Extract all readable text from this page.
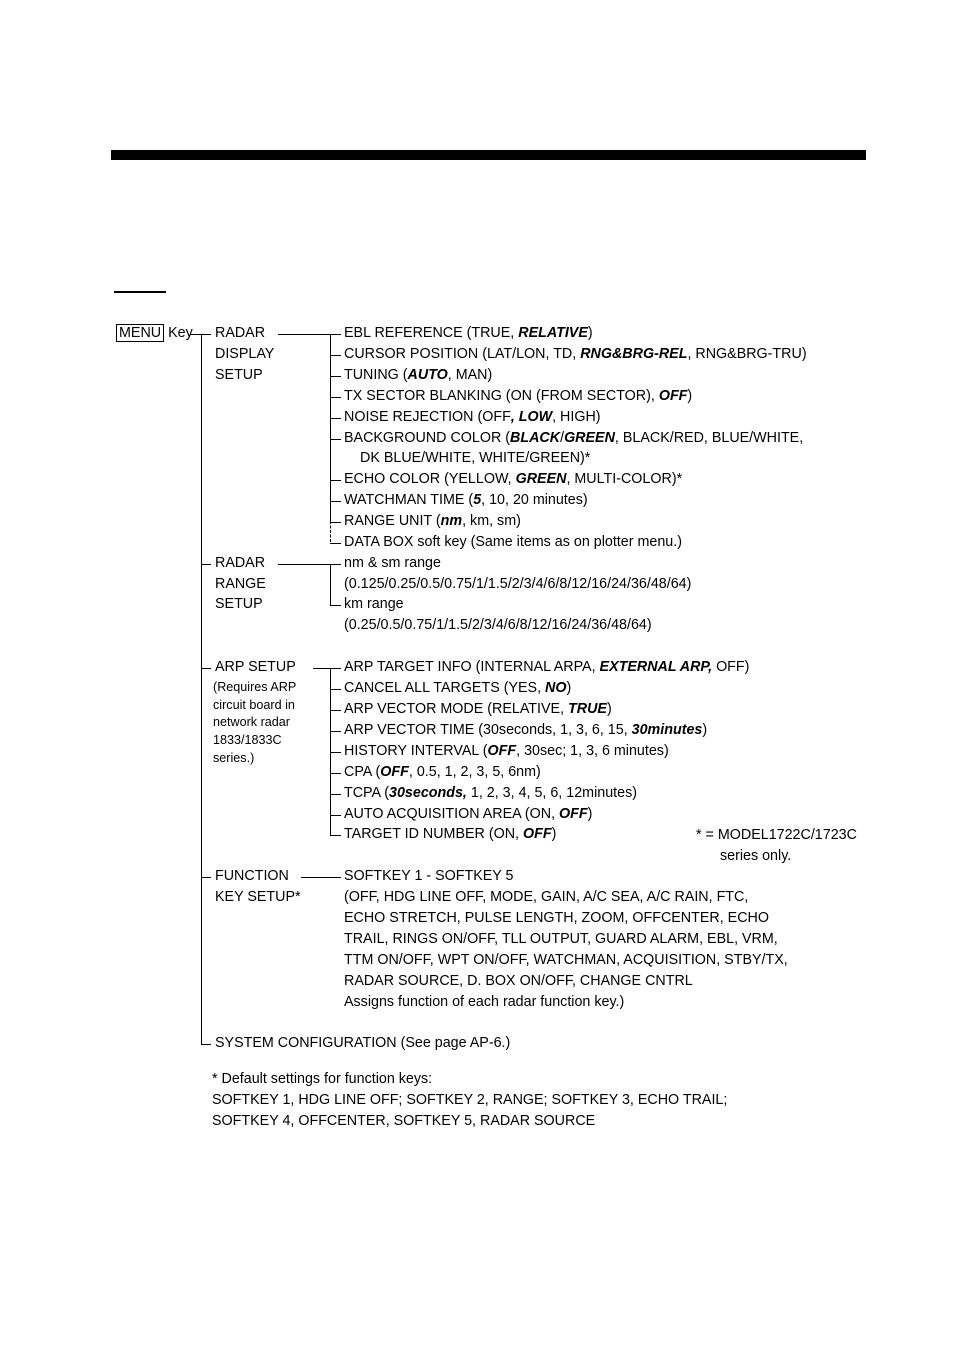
MENU Key RADAR
DISPLAY
SETUP
EBL REFERENCE (TRUE, RELATIVE)
CURSOR POSITION (LAT/LON, TD, RNG&BRG-REL, RNG&BRG-TRU)
TUNING (AUTO, MAN)
TX SECTOR BLANKING (ON (FROM SECTOR), OFF)
NOISE REJECTION (OFF, LOW, HIGH)
BACKGROUND COLOR (BLACK/GREEN, BLACK/RED, BLUE/WHITE,
DK BLUE/WHITE, WHITE/GREEN)*
ECHO COLOR (YELLOW, GREEN, MULTI-COLOR)*
WATCHMAN TIME (5, 10, 20 minutes)
RANGE UNIT (nm, km, sm)
DATA BOX soft key (Same items as on plotter menu.)
RADAR
RANGE
SETUP
nm & sm range
(0.125/0.25/0.5/0.75/1/1.5/2/3/4/6/8/12/16/24/36/48/64)
km range
(0.25/0.5/0.75/1/1.5/2/3/4/6/8/12/16/24/36/48/64)
ARP SETUP
(Requires ARP
circuit board in
network radar
1833/1833C
series.)
ARP TARGET INFO (INTERNAL ARPA, EXTERNAL ARP, OFF)
CANCEL ALL TARGETS (YES, NO)
ARP VECTOR MODE (RELATIVE, TRUE)
ARP VECTOR TIME (30seconds, 1, 3, 6, 15, 30minutes)
HISTORY INTERVAL (OFF, 30sec; 1, 3, 6 minutes)
CPA (OFF, 0.5, 1, 2, 3, 5, 6nm)
TCPA (30seconds, 1, 2, 3, 4, 5, 6, 12minutes)
AUTO ACQUISITION AREA (ON, OFF)
TARGET ID NUMBER (ON, OFF)	* = MODEL1722C/1723C
series only.
FUNCTION
KEY SETUP*
SOFTKEY 1 - SOFTKEY 5
(OFF, HDG LINE OFF, MODE, GAIN, A/C SEA, A/C RAIN, FTC,
ECHO STRETCH, PULSE LENGTH, ZOOM, OFFCENTER, ECHO
TRAIL, RINGS ON/OFF, TLL OUTPUT, GUARD ALARM, EBL, VRM,
TTM ON/OFF, WPT ON/OFF, WATCHMAN, ACQUISITION, STBY/TX,
RADAR SOURCE, D. BOX ON/OFF, CHANGE CNTRL
Assigns function of each radar function key.)
SYSTEM CONFIGURATION (See page AP-6.)
* Default settings for function keys:
SOFTKEY 1, HDG LINE OFF; SOFTKEY 2, RANGE; SOFTKEY 3, ECHO TRAIL;
SOFTKEY 4, OFFCENTER, SOFTKEY 5, RADAR SOURCE
